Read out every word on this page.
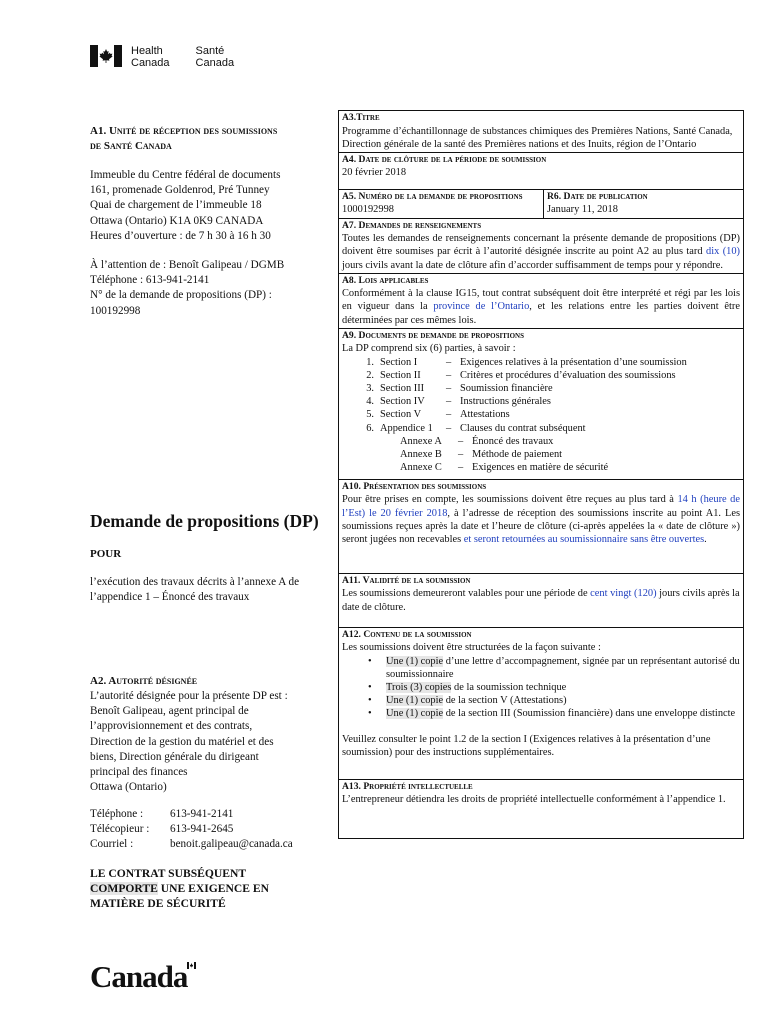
Health
Canada
Santé
Canada
A1. Unité de réception des soumissions
de Santé Canada
Immeuble du Centre fédéral de documents
161, promenade Goldenrod, Pré Tunney
Quai de chargement de l’immeuble 18
Ottawa (Ontario) K1A 0K9 CANADA
Heures d’ouverture : de 7 h 30 à 16 h 30
À l’attention de : Benoît Galipeau / DGMB
Téléphone : 613-941-2141
N° de la demande de propositions (DP) :
100192998
Demande de propositions (DP)
POUR
l’exécution des travaux décrits à l’annexe A de l’appendice 1 – Énoncé des travaux
A2. Autorité désignée
L’autorité désignée pour la présente DP est :
Benoît Galipeau, agent principal de
l’approvisionnement et des contrats,
Direction de la gestion du matériel et des
biens, Direction générale du dirigeant
principal des finances
Ottawa (Ontario)
Téléphone :	613-941-2141
Télécopieur :	613-941-2645
Courriel :	benoit.galipeau@canada.ca
LE CONTRAT SUBSÉQUENT
COMPORTE UNE EXIGENCE EN
MATIÈRE DE SÉCURITÉ
A3.Titre
Programme d’échantillonnage de substances chimiques des Premières Nations, Santé Canada, Direction générale de la santé des Premières nations et des Inuits, région de l’Ontario
A4. Date de clôture de la période de soumission
20 février 2018
A5. Numéro de la demande de propositions
1000192998
R6. Date de publication
January 11, 2018
A7. Demandes de renseignements
Toutes les demandes de renseignements concernant la présente demande de propositions (DP) doivent être soumises par écrit à l’autorité désignée inscrite au point A2 au plus tard dix (10) jours civils avant la date de clôture afin d’accorder suffisamment de temps pour y répondre.
A8. Lois applicables
Conformément à la clause IG15, tout contrat subséquent doit être interprété et régi par les lois en vigueur dans la province de l’Ontario, et les relations entre les parties doivent être déterminées par ces mêmes lois.
A9. Documents de demande de propositions
La DP comprend six (6) parties, à savoir :
1. Section I	– Exigences relatives à la présentation d’une soumission
2. Section II	– Critères et procédures d’évaluation des soumissions
3. Section III	– Soumission financière
4. Section IV	– Instructions générales
5. Section V	– Attestations
6. Appendice 1	– Clauses du contrat subséquent
Annexe A	– Énoncé des travaux
Annexe B	– Méthode de paiement
Annexe C	– Exigences en matière de sécurité
A10. Présentation des soumissions
Pour être prises en compte, les soumissions doivent être reçues au plus tard à 14 h (heure de l’Est) le 20 février 2018, à l’adresse de réception des soumissions inscrite au point A1. Les soumissions reçues après la date et l’heure de clôture (ci-après appelées la « date de clôture ») seront jugées non recevables et seront retournées au soumissionnaire sans être ouvertes.
A11. Validité de la soumission
Les soumissions demeureront valables pour une période de cent vingt (120) jours civils après la date de clôture.
A12. Contenu de la soumission
Les soumissions doivent être structurées de la façon suivante :
• Une (1) copie d’une lettre d’accompagnement, signée par un représentant autorisé du soumissionnaire
• Trois (3) copies de la soumission technique
• Une (1) copie de la section V (Attestations)
• Une (1) copie de la section III (Soumission financière) dans une enveloppe distincte
Veuillez consulter le point 1.2 de la section I (Exigences relatives à la présentation d’une soumission) pour des instructions supplémentaires.
A13. Propriété intellectuelle
L’entrepreneur détiendra les droits de propriété intellectuelle conformément à l’appendice 1.
Canada
